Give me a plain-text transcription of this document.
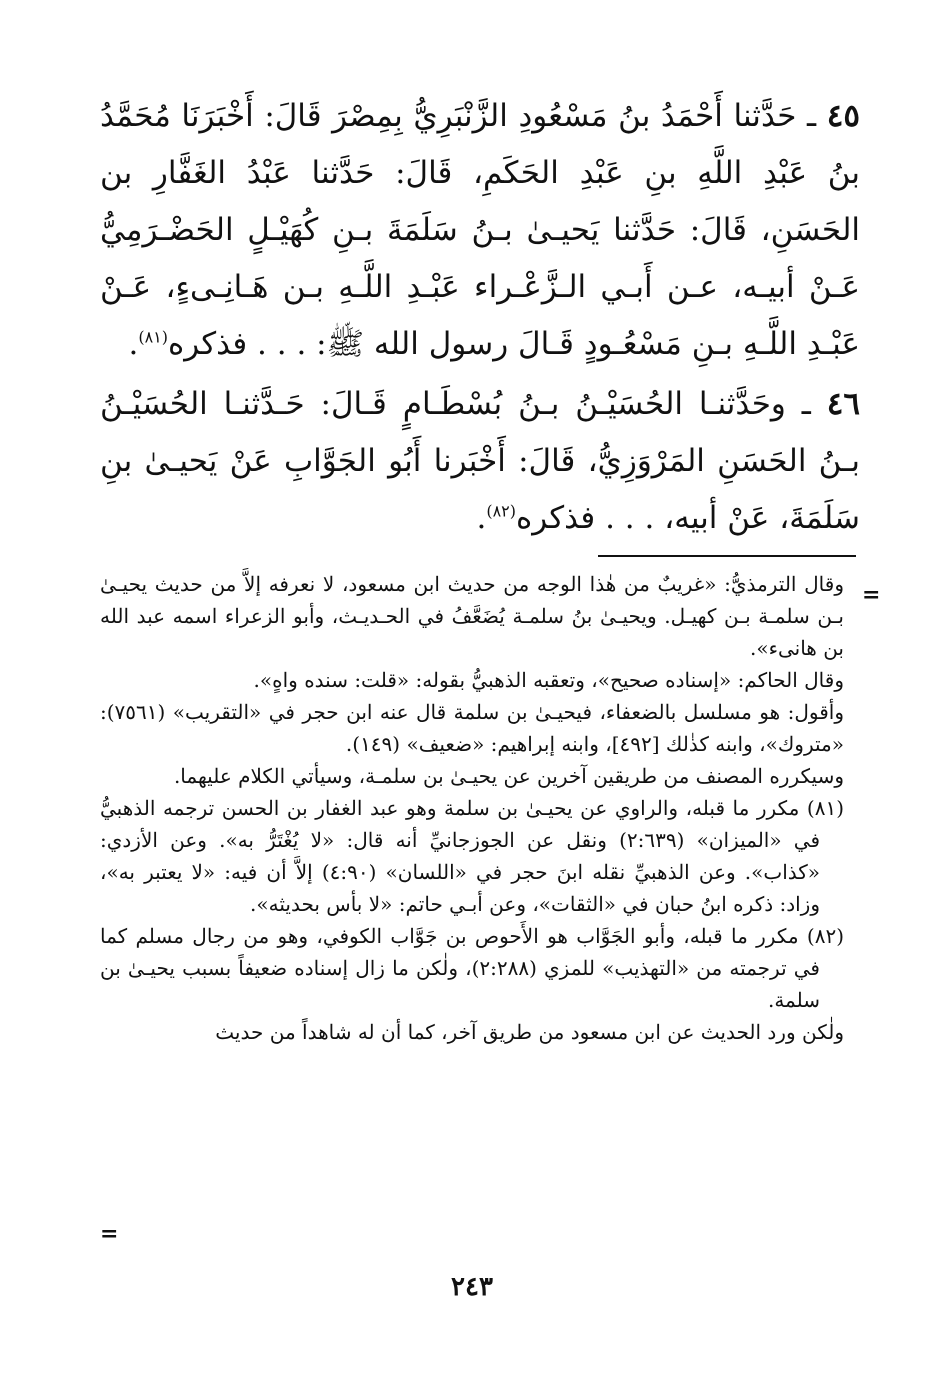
٤٥ ـ حَدَّثنا أَحْمَدُ بنُ مَسْعُودِ الزَّنْبَرِيُّ بِمِصْرَ قَالَ: أَخْبَرَنَا مُحَمَّدُ بنُ عَبْدِ اللَّهِ بنِ عَبْدِ الحَكَمِ، قَالَ: حَدَّثنا عَبْدُ الغَفَّارِ بن الحَسَنِ، قَالَ: حَدَّثنا يَحيـىٰ بـنُ سَلَمَةَ بـنِ كُهَيْـلٍ الحَضْـرَمِيُّ عَـنْ أبيـه، عـن أَبـي الـزَّعْـراء عَبْـدِ اللَّـهِ بـن هَـانِـىءٍ، عَـنْ عَبْـدِ اللَّـهِ بـنِ مَسْعُـودٍ قَـالَ رسول الله ﷺ: . . . فذكره$^{(٨١)}$.

٤٦ ـ وحَدَّثنـا الحُسَيْـنُ بـنُ بُسْطَـامٍ قَـالَ: حَـدَّثنـا الحُسَيْـنُ بـنُ الحَسَنِ المَرْوَزِيُّ، قَالَ: أَخْبَرنا أَبُو الجَوَّابِ عَنْ يَحيـىٰ بنِ سَلَمَةَ، عَنْ أبيه، . . . فذكره$^{(٨٢)}$.

=

وقال الترمذيُّ: «غريبٌ من هٰذا الوجه من حديث ابن مسعود، لا نعرفه إلاَّ من حديث يحيـىٰ بـن سلمـة بـن كهيـل. ويحيـىٰ بنُ سلمـة يُضَعَّفُ في الحـديـث، وأبو الزعراء اسمه عبد الله بن هانىء».

وقال الحاكم: «إسناده صحيح»، وتعقبه الذهبيُّ بقوله: «قلت: سنده واهٍ».

وأقول: هو مسلسل بالضعفاء، فيحيـىٰ بن سلمة قال عنه ابن حجر في «التقريب» (٧٥٦١): «متروك»، وابنه كذٰلك [٤٩٢]، وابنه إبراهيم: «ضعيف» (١٤٩).

وسيكرره المصنف من طريقين آخرين عن يحيـىٰ بن سلمـة، وسيأتي الكلام عليهما.

(٨١) مكرر ما قبله، والراوي عن يحيـىٰ بن سلمة وهو عبد الغفار بن الحسن ترجمه الذهبيُّ في «الميزان» (٢:٦٣٩) ونقل عن الجوزجانيِّ أنه قال: «لا يُغْتَرُّ به». وعن الأزدي: «كذاب». وعن الذهبيِّ نقله ابنَ حجر في «اللسان» (٤:٩٠) إلاَّ أن فيه: «لا يعتبر به»، وزاد: ذكره ابنُ حبان في «الثقات»، وعن أبـي حاتم: «لا بأس بحديثه».

(٨٢) مكرر ما قبله، وأبو الجَوَّاب هو الأَحوص بن جَوَّاب الكوفي، وهو من رجال مسلم كما في ترجمته من «التهذيب» للمزي (٢:٢٨٨)، ولٰكن ما زال إسناده ضعيفاً بسبب يحيـىٰ بن سلمة.

ولٰكن ورد الحديث عن ابن مسعود من طريق آخر، كما أن له شاهداً من حديث

=
٢٤٣
